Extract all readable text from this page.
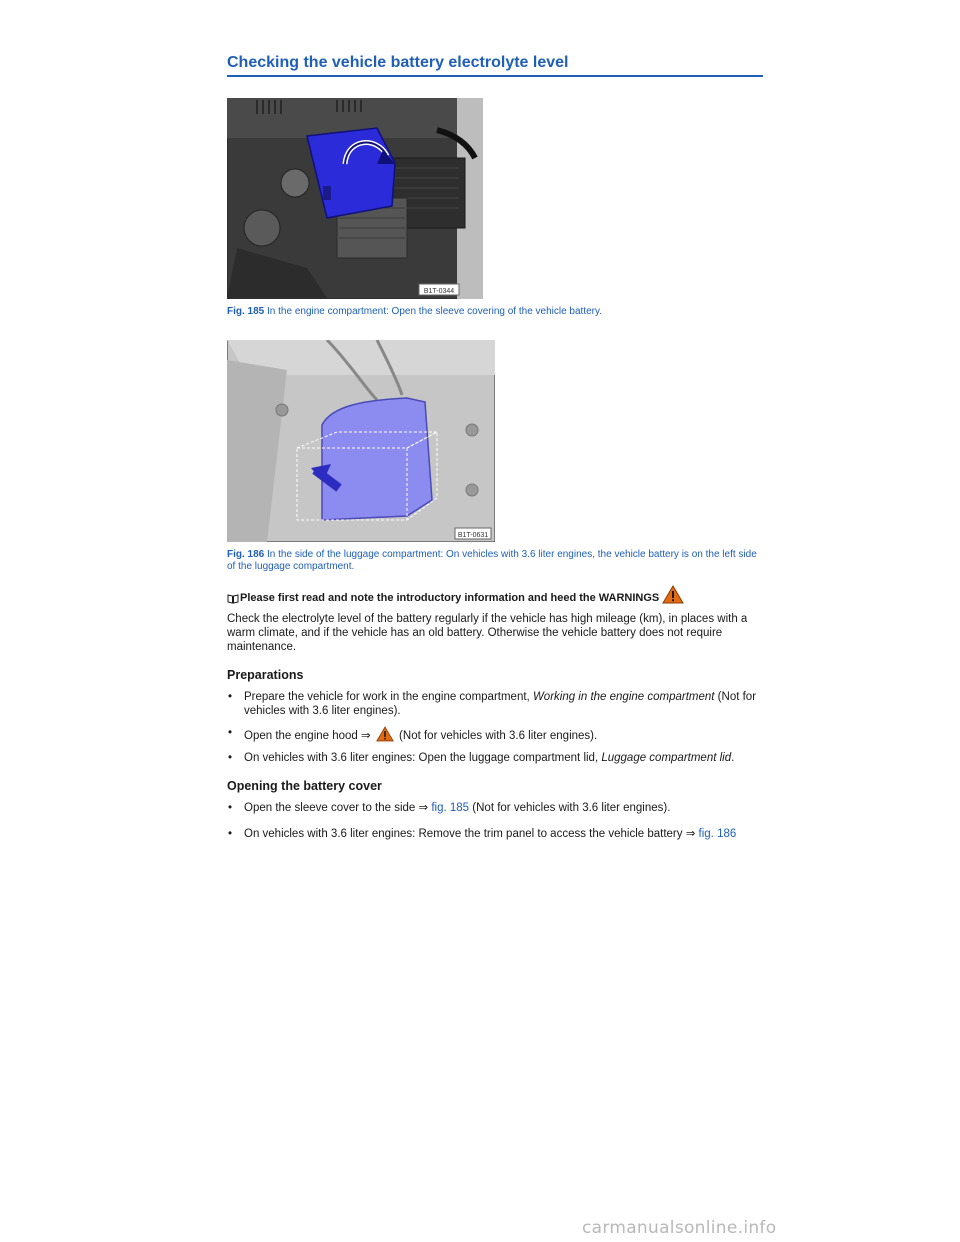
Checking the vehicle battery electrolyte level
B1T-0344
Fig. 185 In the engine compartment: Open the sleeve covering of the vehicle battery.
B1T-0631
Fig. 186 In the side of the luggage compartment: On vehicles with 3.6 liter engines, the vehicle battery is on the left side of the luggage compartment.
Please first read and note the introductory information and heed the WARNINGS

Check the electrolyte level of the battery regularly if the vehicle has high mileage (km), in places with a warm climate, and if the vehicle has an old battery. Otherwise the vehicle battery does not require maintenance.

Preparations
• Prepare the vehicle for work in the engine compartment, Working in the engine compartment (Not for vehicles with 3.6 liter engines).
• Open the engine hood ⇒  (Not for vehicles with 3.6 liter engines).
• On vehicles with 3.6 liter engines: Open the luggage compartment lid, Luggage compartment lid.
Opening the battery cover
• Open the sleeve cover to the side ⇒ fig. 185 (Not for vehicles with 3.6 liter engines).
• On vehicles with 3.6 liter engines: Remove the trim panel to access the vehicle battery ⇒ fig. 186
carmanualsonline.info
